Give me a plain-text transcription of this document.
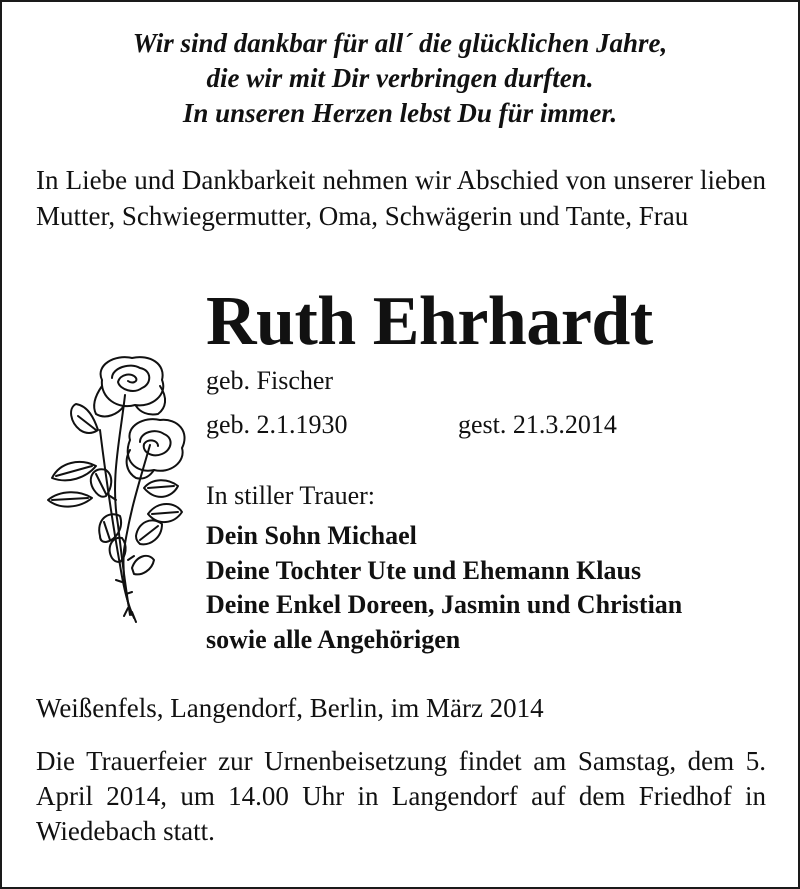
Wir sind dankbar für all´ die glücklichen Jahre,
die wir mit Dir verbringen durften.
In unseren Herzen lebst Du für immer.
In Liebe und Dankbarkeit nehmen wir Abschied von unserer lieben Mutter, Schwiegermutter, Oma, Schwägerin und Tante, Frau
Ruth Ehrhardt
geb. Fischer
geb. 2.1.1930	gest. 21.3.2014
In stiller Trauer:
Dein Sohn Michael
Deine Tochter Ute und Ehemann Klaus
Deine Enkel Doreen, Jasmin und Christian
sowie alle Angehörigen
Weißenfels, Langendorf, Berlin, im März 2014
Die Trauerfeier zur Urnenbeisetzung findet am Samstag, dem 5. April 2014, um 14.00 Uhr in Langendorf auf dem Friedhof in Wiedebach statt.
